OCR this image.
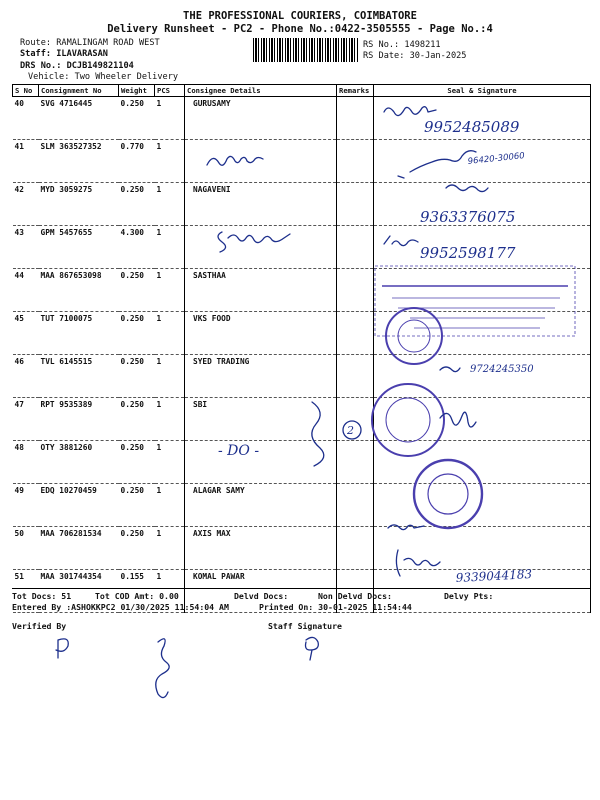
THE PROFESSIONAL COURIERS, COIMBATORE
Delivery Runsheet - PC2 - Phone No.:0422-3505555 - Page No.:4
Route: RAMALINGAM ROAD WEST
Staff: ILAVARASAN
DRS No.: DCJB149821104
Vehicle: Two Wheeler Delivery
RS No.: 1498211
RS Date: 30-Jan-2025
S No	Consignment No	Weight	PCS	Consignee Details	Remarks	Seal & Signature
40	SVG 4716445	0.250	1	GURUSAMY		
41	SLM 363527352	0.770	1			
42	MYD 3059275	0.250	1	NAGAVENI		
43	GPM 5457655	4.300	1			
44	MAA 867653098	0.250	1	SASTHAA		
45	TUT 7100075	0.250	1	VKS FOOD		
46	TVL 6145515	0.250	1	SYED TRADING		
47	RPT 9535389	0.250	1	SBI		
48	OTY 3881260	0.250	1			
49	EDQ 10270459	0.250	1	ALAGAR SAMY		
50	MAA 706281534	0.250	1	AXIS MAX		
51	MAA 301744354	0.155	1	KOMAL PAWAR		
Tot Docs: 51	Tot COD Amt: 0.00	Delvd Docs:	Non Delvd Docs:	Delvy Pts:
Entered By :ASHOKKPC2 01/30/2025 11:54:04 AM	Printed On: 30-01-2025 11:54:44
Verified By	Staff Signature
9952485089
96420-30060
9363376075
9952598177
9724245350
2
- DO -
9339044183
